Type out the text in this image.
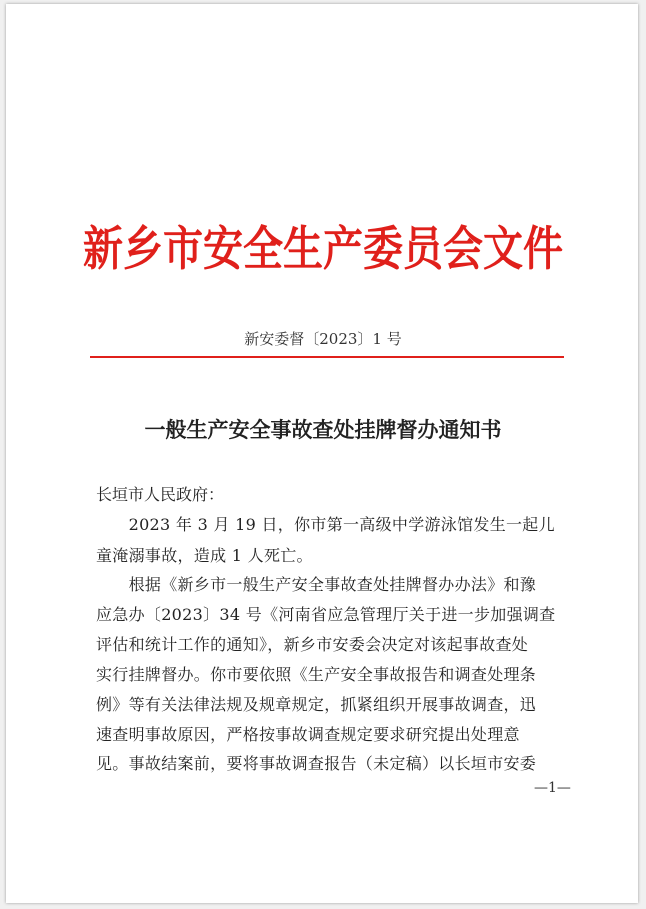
新乡市安全生产委员会文件
新安委督〔2023〕1 号
一般生产安全事故查处挂牌督办通知书
长垣市人民政府：
　　2023 年 3 月 19 日，你市第一高级中学游泳馆发生一起儿
童淹溺事故，造成 1 人死亡。
　　根据《新乡市一般生产安全事故查处挂牌督办办法》和豫
应急办〔2023〕34 号《河南省应急管理厅关于进一步加强调查
评估和统计工作的通知》，新乡市安委会决定对该起事故查处
实行挂牌督办。你市要依照《生产安全事故报告和调查处理条
例》等有关法律法规及规章规定，抓紧组织开展事故调查，迅
速查明事故原因，严格按事故调查规定要求研究提出处理意
见。事故结案前，要将事故调查报告（未定稿）以长垣市安委
—1—
